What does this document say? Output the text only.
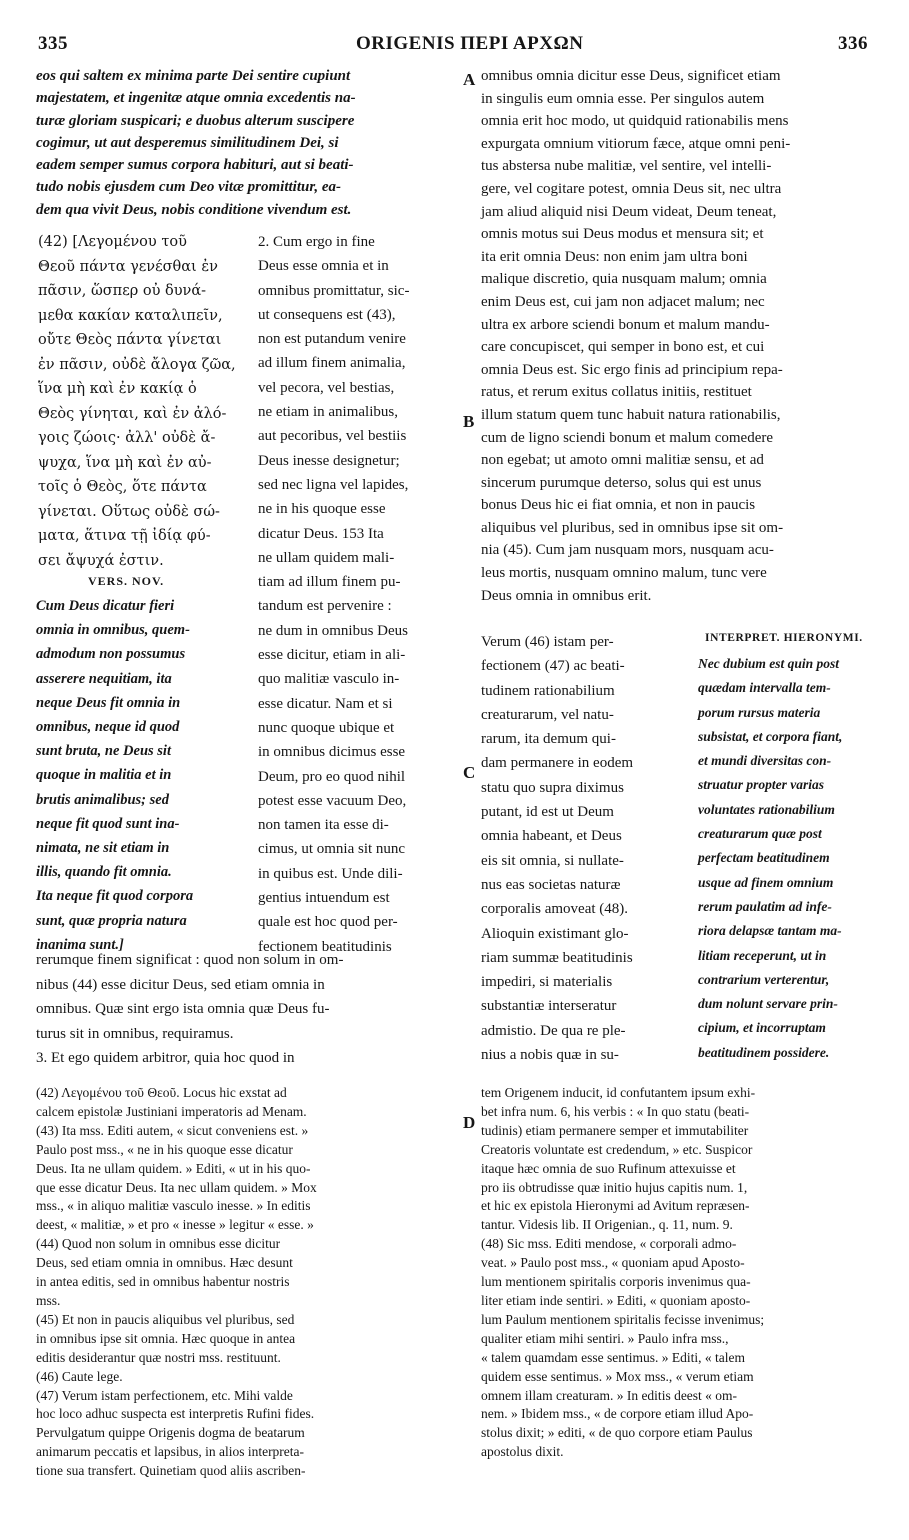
335	ORIGENIS ΠΕΡΙ ΑΡΧΩΝ	336
A
B
C
D
eos qui saltem ex minima parte Dei sentire cupiunt
majestatem, et ingenitæ atque omnia excedentis na-
turæ gloriam suspicari; e duobus alterum suscipere
cogimur, ut aut desperemus similitudinem Dei, si
eadem semper sumus corpora habituri, aut si beati-
tudo nobis ejusdem cum Deo vitæ promittitur, ea-
dem qua vivit Deus, nobis conditione vivendum est.
(42) [Λεγομένου τοῦ
Θεοῦ πάντα γενέσθαι ἐν
πᾶσιν, ὥσπερ οὐ δυνά-
μεθα κακίαν καταλιπεῖν,
οὔτε Θεὸς πάντα γίνεται
ἐν πᾶσιν, οὐδὲ ἄλογα ζῶα,
ἵνα μὴ καὶ ἐν κακίᾳ ὁ
Θεὸς γίνηται, καὶ ἐν ἀλό-
γοις ζώοις· ἀλλ' οὐδὲ ἄ-
ψυχα, ἵνα μὴ καὶ ἐν αὐ-
τοῖς ὁ Θεὸς, ὅτε πάντα
γίνεται. Οὕτως οὐδὲ σώ-
ματα, ἅτινα τῇ ἰδίᾳ φύ-
σει ἄψυχά ἐστιν.
VERS. NOV.
Cum Deus dicatur fieri
omnia in omnibus, quem-
admodum non possumus
asserere nequitiam, ita
neque Deus fit omnia in
omnibus, neque id quod
sunt bruta, ne Deus sit
quoque in malitia et in
brutis animalibus; sed
neque fit quod sunt ina-
nimata, ne sit etiam in
illis, quando fit omnia.
Ita neque fit quod corpora
sunt, quæ propria natura
inanima sunt.]
2. Cum ergo in fine
Deus esse omnia et in
omnibus promittatur, sic-
ut consequens est (43),
non est putandum venire
ad illum finem animalia,
vel pecora, vel bestias,
ne etiam in animalibus,
aut pecoribus, vel bestiis
Deus inesse designetur;
sed nec ligna vel lapides,
ne in his quoque esse
dicatur Deus. 153 Ita
ne ullam quidem mali-
tiam ad illum finem pu-
tandum est pervenire :
ne dum in omnibus Deus
esse dicitur, etiam in ali-
quo malitiæ vasculo in-
esse dicatur. Nam et si
nunc quoque ubique et
in omnibus dicimus esse
Deum, pro eo quod nihil
potest esse vacuum Deo,
non tamen ita esse di-
cimus, ut omnia sit nunc
in quibus est. Unde dili-
gentius intuendum est
quale est hoc quod per-
fectionem beatitudinis
rerumque finem significat : quod non solum in om-
nibus (44) esse dicitur Deus, sed etiam omnia in
omnibus. Quæ sint ergo ista omnia quæ Deus fu-
turus sit in omnibus, requiramus.
3. Et ego quidem arbitror, quia hoc quod in
omnibus omnia dicitur esse Deus, significet etiam
in singulis eum omnia esse. Per singulos autem
omnia erit hoc modo, ut quidquid rationabilis mens
expurgata omnium vitiorum fæce, atque omni peni-
tus abstersa nube malitiæ, vel sentire, vel intelli-
gere, vel cogitare potest, omnia Deus sit, nec ultra
jam aliud aliquid nisi Deum videat, Deum teneat,
omnis motus sui Deus modus et mensura sit; et
ita erit omnia Deus: non enim jam ultra boni
malique discretio, quia nusquam malum; omnia
enim Deus est, cui jam non adjacet malum; nec
ultra ex arbore sciendi bonum et malum mandu-
care concupiscet, qui semper in bono est, et cui
omnia Deus est. Sic ergo finis ad principium repa-
ratus, et rerum exitus collatus initiis, restituet
illum statum quem tunc habuit natura rationabilis,
cum de ligno sciendi bonum et malum comedere
non egebat; ut amoto omni malitiæ sensu, et ad
sincerum purumque deterso, solus qui est unus
bonus Deus hic ei fiat omnia, et non in paucis
aliquibus vel pluribus, sed in omnibus ipse sit om-
nia (45). Cum jam nusquam mors, nusquam acu-
leus mortis, nusquam omnino malum, tunc vere
Deus omnia in omnibus erit.
Verum (46) istam per-
fectionem (47) ac beati-
tudinem rationabilium
creaturarum, vel natu-
rarum, ita demum qui-
dam permanere in eodem
statu quo supra diximus
putant, id est ut Deum
omnia habeant, et Deus
eis sit omnia, si nullate-
nus eas societas naturæ
corporalis amoveat (48).
Alioquin existimant glo-
riam summæ beatitudinis
impediri, si materialis
substantiæ interseratur
admistio. De qua re ple-
nius a nobis quæ in su-
INTERPRET. HIERONYMI.
Nec dubium est quin post
quædam intervalla tem-
porum rursus materia
subsistat, et corpora fiant,
et mundi diversitas con-
struatur propter varias
voluntates rationabilium
creaturarum quæ post
perfectam beatitudinem
usque ad finem omnium
rerum paulatim ad infe-
riora delapsæ tantam ma-
litiam receperunt, ut in
contrarium verterentur,
dum nolunt servare prin-
cipium, et incorruptam
beatitudinem possidere.
(42) Λεγομένου τοῦ Θεοῦ. Locus hic exstat ad
calcem epistolæ Justiniani imperatoris ad Menam.
(43) Ita mss. Editi autem, « sicut conveniens est. »
Paulo post mss., « ne in his quoque esse dicatur
Deus. Ita ne ullam quidem. » Editi, « ut in his quo-
que esse dicatur Deus. Ita nec ullam quidem. » Mox
mss., « in aliquo malitiæ vasculo inesse. » In editis
deest, « malitiæ, » et pro « inesse » legitur « esse. »
(44) Quod non solum in omnibus esse dicitur
Deus, sed etiam omnia in omnibus. Hæc desunt
in antea editis, sed in omnibus habentur nostris
mss.
(45) Et non in paucis aliquibus vel pluribus, sed
in omnibus ipse sit omnia. Hæc quoque in antea
editis desiderantur quæ nostri mss. restituunt.
(46) Caute lege.
(47) Verum istam perfectionem, etc. Mihi valde
hoc loco adhuc suspecta est interpretis Rufini fides.
Pervulgatum quippe Origenis dogma de beatarum
animarum peccatis et lapsibus, in alios interpreta-
tione sua transfert. Quinetiam quod aliis ascriben-
tem Origenem inducit, id confutantem ipsum exhi-
bet infra num. 6, his verbis : « In quo statu (beati-
tudinis) etiam permanere semper et immutabiliter
Creatoris voluntate est credendum, » etc. Suspicor
itaque hæc omnia de suo Rufinum attexuisse et
pro iis obtrudisse quæ initio hujus capitis num. 1,
et hic ex epistola Hieronymi ad Avitum repræsen-
tantur. Videsis lib. II Origenian., q. 11, num. 9.
(48) Sic mss. Editi mendose, « corporali admo-
veat. » Paulo post mss., « quoniam apud Aposto-
lum mentionem spiritalis corporis invenimus qua-
liter etiam inde sentiri. » Editi, « quoniam aposto-
lum Paulum mentionem spiritalis fecisse invenimus;
qualiter etiam mihi sentiri. » Paulo infra mss.,
« talem quamdam esse sentimus. » Editi, « talem
quidem esse sentimus. » Mox mss., « verum etiam
omnem illam creaturam. » In editis deest « om-
nem. » Ibidem mss., « de corpore etiam illud Apo-
stolus dixit; » editi, « de quo corpore etiam Paulus
apostolus dixit.
